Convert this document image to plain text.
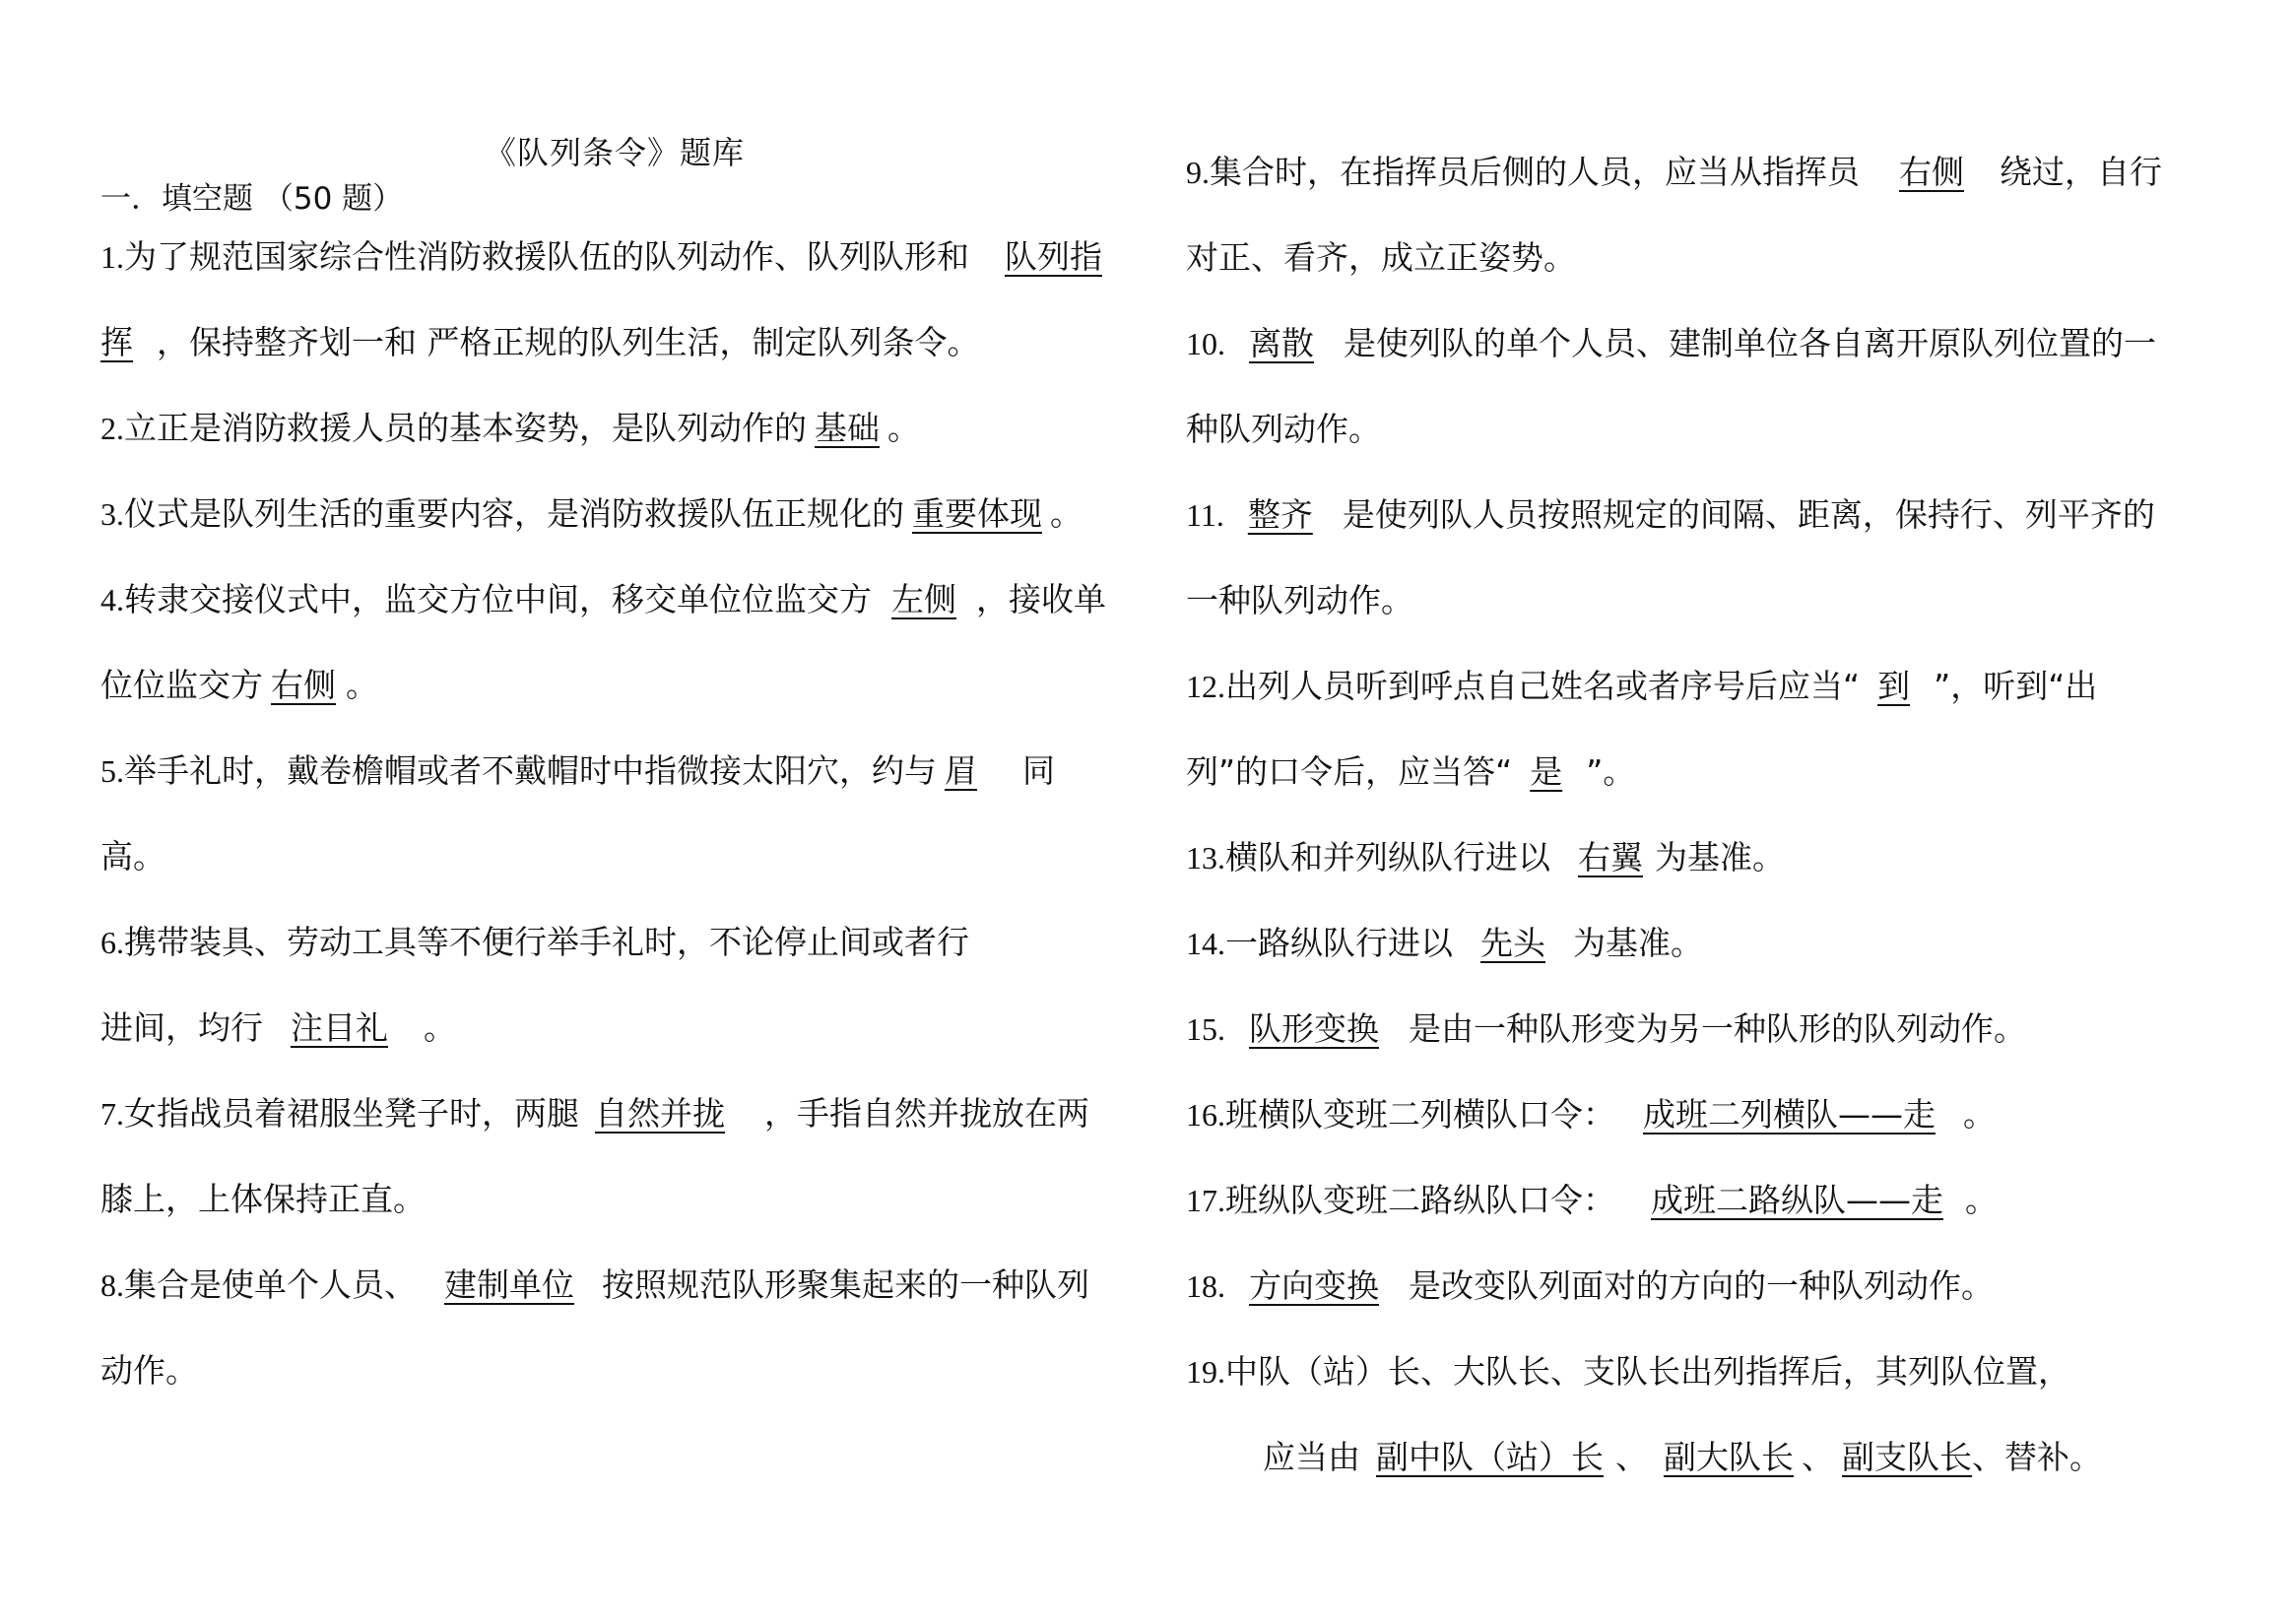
《队列条令》题库
一．填空题 （50 题）
1.为了规范国家综合性消防救援队伍的队列动作、队列队形和 队列指
挥 ，保持整齐划一和 严格正规的队列生活，制定队列条令。
2.立正是消防救援人员的基本姿势，是队列动作的 基础 。
3.仪式是队列生活的重要内容，是消防救援队伍正规化的 重要体现 。
4.转隶交接仪式中，监交方位中间，移交单位位监交方 左侧 ，接收单
位位监交方 右侧 。
5.举手礼时，戴卷檐帽或者不戴帽时中指微接太阳穴，约与 眉 同
高。
6.携带装具、劳动工具等不便行举手礼时，不论停止间或者行
进间，均行 注目礼 。
7.女指战员着裙服坐凳子时，两腿 自然并拢 ，手指自然并拢放在两
膝上，上体保持正直。
8.集合是使单个人员、 建制单位 按照规范队形聚集起来的一种队列
动作。
9.集合时，在指挥员后侧的人员，应当从指挥员 右侧 绕过，自行
对正、看齐，成立正姿势。
10. 离散 是使列队的单个人员、建制单位各自离开原队列位置的一
种队列动作。
11. 整齐 是使列队人员按照规定的间隔、距离，保持行、列平齐的
一种队列动作。
12.出列人员听到呼点自己姓名或者序号后应当“ 到 ”，听到“出
列”的口令后，应当答“ 是 ”。
13.横队和并列纵队行进以 右翼 为基准。
14.一路纵队行进以 先头 为基准。
15. 队形变换 是由一种队形变为另一种队形的队列动作。
16.班横队变班二列横队口令： 成班二列横队——走 。
17.班纵队变班二路纵队口令： 成班二路纵队——走 。
18. 方向变换 是改变队列面对的方向的一种队列动作。
19.中队（站）长、大队长、支队长出列指挥后，其列队位置，
应当由 副中队（站）长 、 副大队长 、 副支队长、替补。
